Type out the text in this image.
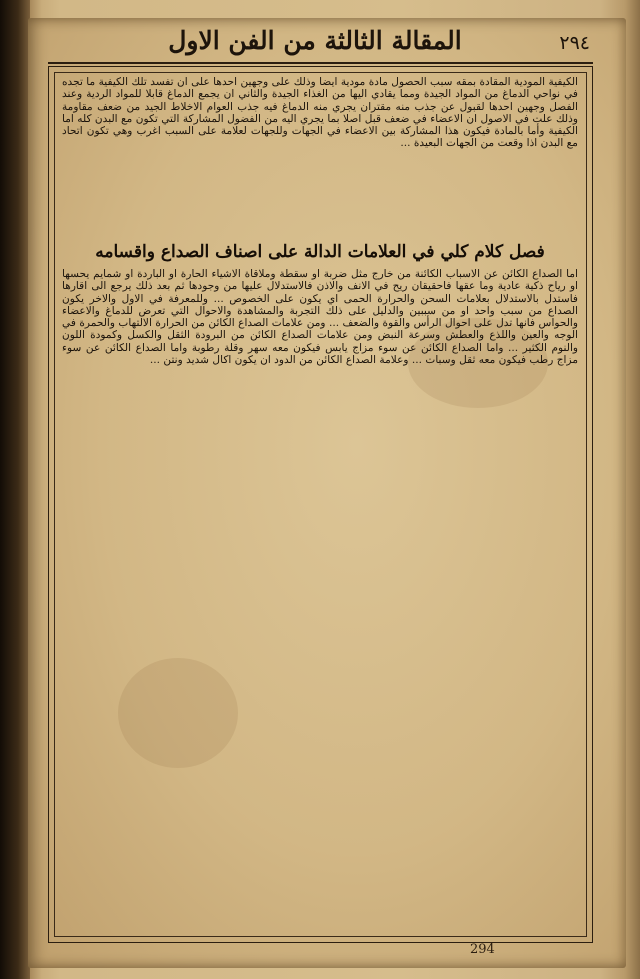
المقالة الثالثة من الفن الاول	٢٩٤

الكيفية المودية المقادة بمقه سبب الحصول مادة مودية ايضا وذلك على وجهين احدها على ان تفسد تلك الكيفية ما تجده في نواحي الدماغ من المواد الجيدة ومما يقادي اليها من الغذاء الجيدة والثاني ان يجمع الدماغ قابلا للمواد الردية وعند الفصل وجهين احدها لقبول عن جذب منه مقتران يجري منه الدماغ فيه جذب العوام الاخلاط الجيد من ضعف مقاومة وذلك علت في الاصول ان الاعضاء في ضعف قبل اصلا بما يجري اليه من الفضول المشاركة التي تكون مع البدن كله اما الكيفية وأما بالمادة فيكون هذا المشاركة بين الاعضاء في الجهات وللجهات لعلامة على السبب اغرب وهي تكون اتحاد مع البدن اذا وقعت من الجهات البعيدة ...

فصل كلام كلي في العلامات الدالة على اصناف الصداع واقسامه

اما الصداع الكائن عن الاسباب الكائنة من خارج مثل ضربة او سقطة وملاقاة الاشياء الحارة او الباردة او شمايم يحسها او رياح ذكية عادية وما عقها فاحقيقان ريح في الانف والاذن فالاستدلال عليها من وجودها ثم بعد ذلك يرجع الى اقارها فاستدل بالاستدلال بعلامات السحن والحرارة الحمى اي يكون على الخصوص ... وللمعرفة في الاول والاخر يكون الصداع من سبب واحد او من سببين والدليل على ذلك التجربة والمشاهدة والاحوال التي تعرض للدماغ والاعضاء والحواس فانها تدل على احوال الرأس والقوة والضعف ... ومن علامات الصداع الكائن من الحرارة الالتهاب والحمرة في الوجه والعين واللذع والعطش وسرعة النبض ومن علامات الصداع الكائن من البرودة الثقل والكسل وكمودة اللون والنوم الكثير ... واما الصداع الكائن عن سوء مزاج يابس فيكون معه سهر وقلة رطوبة واما الصداع الكائن عن سوء مزاج رطب فيكون معه ثقل وسبات ... وعلامة الصداع الكائن من الدود ان يكون اكال شديد ونتن ...

294
